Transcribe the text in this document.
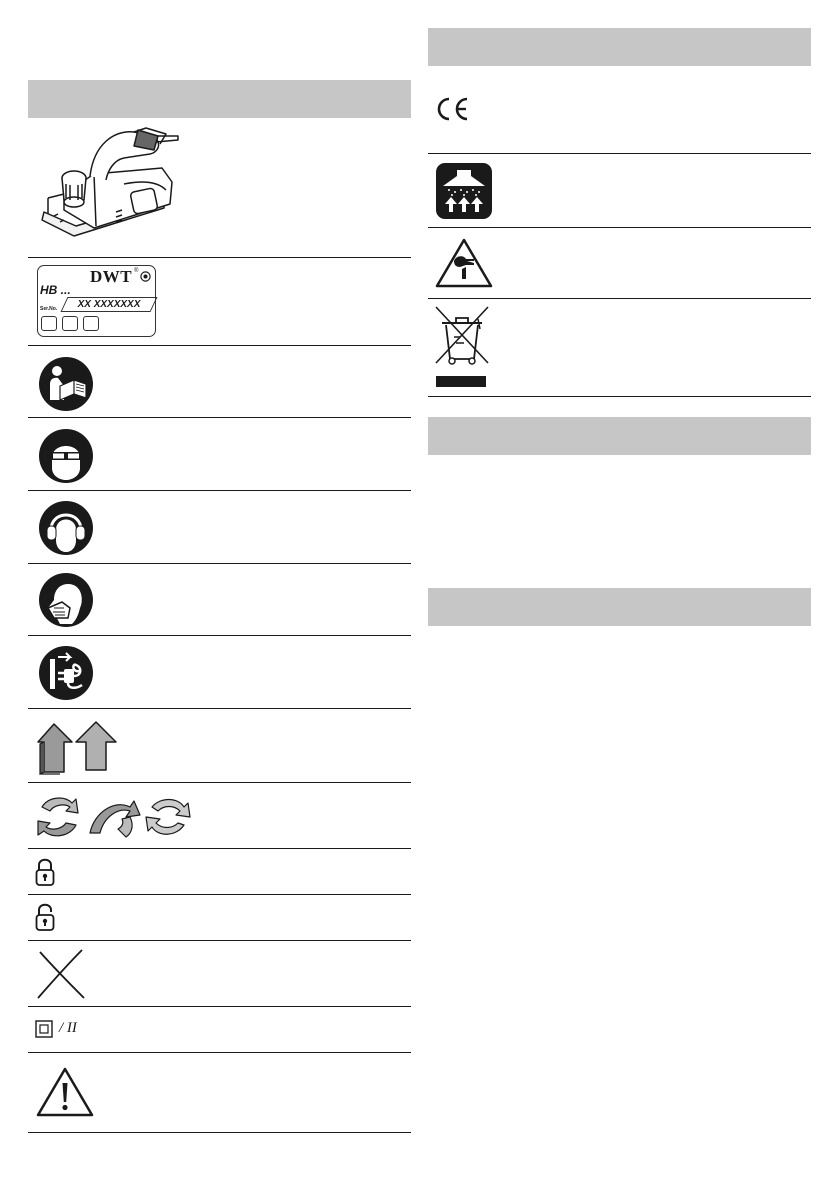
DWT ®
HB ...
Ser.No.	XX XXXXXXX
/ II
